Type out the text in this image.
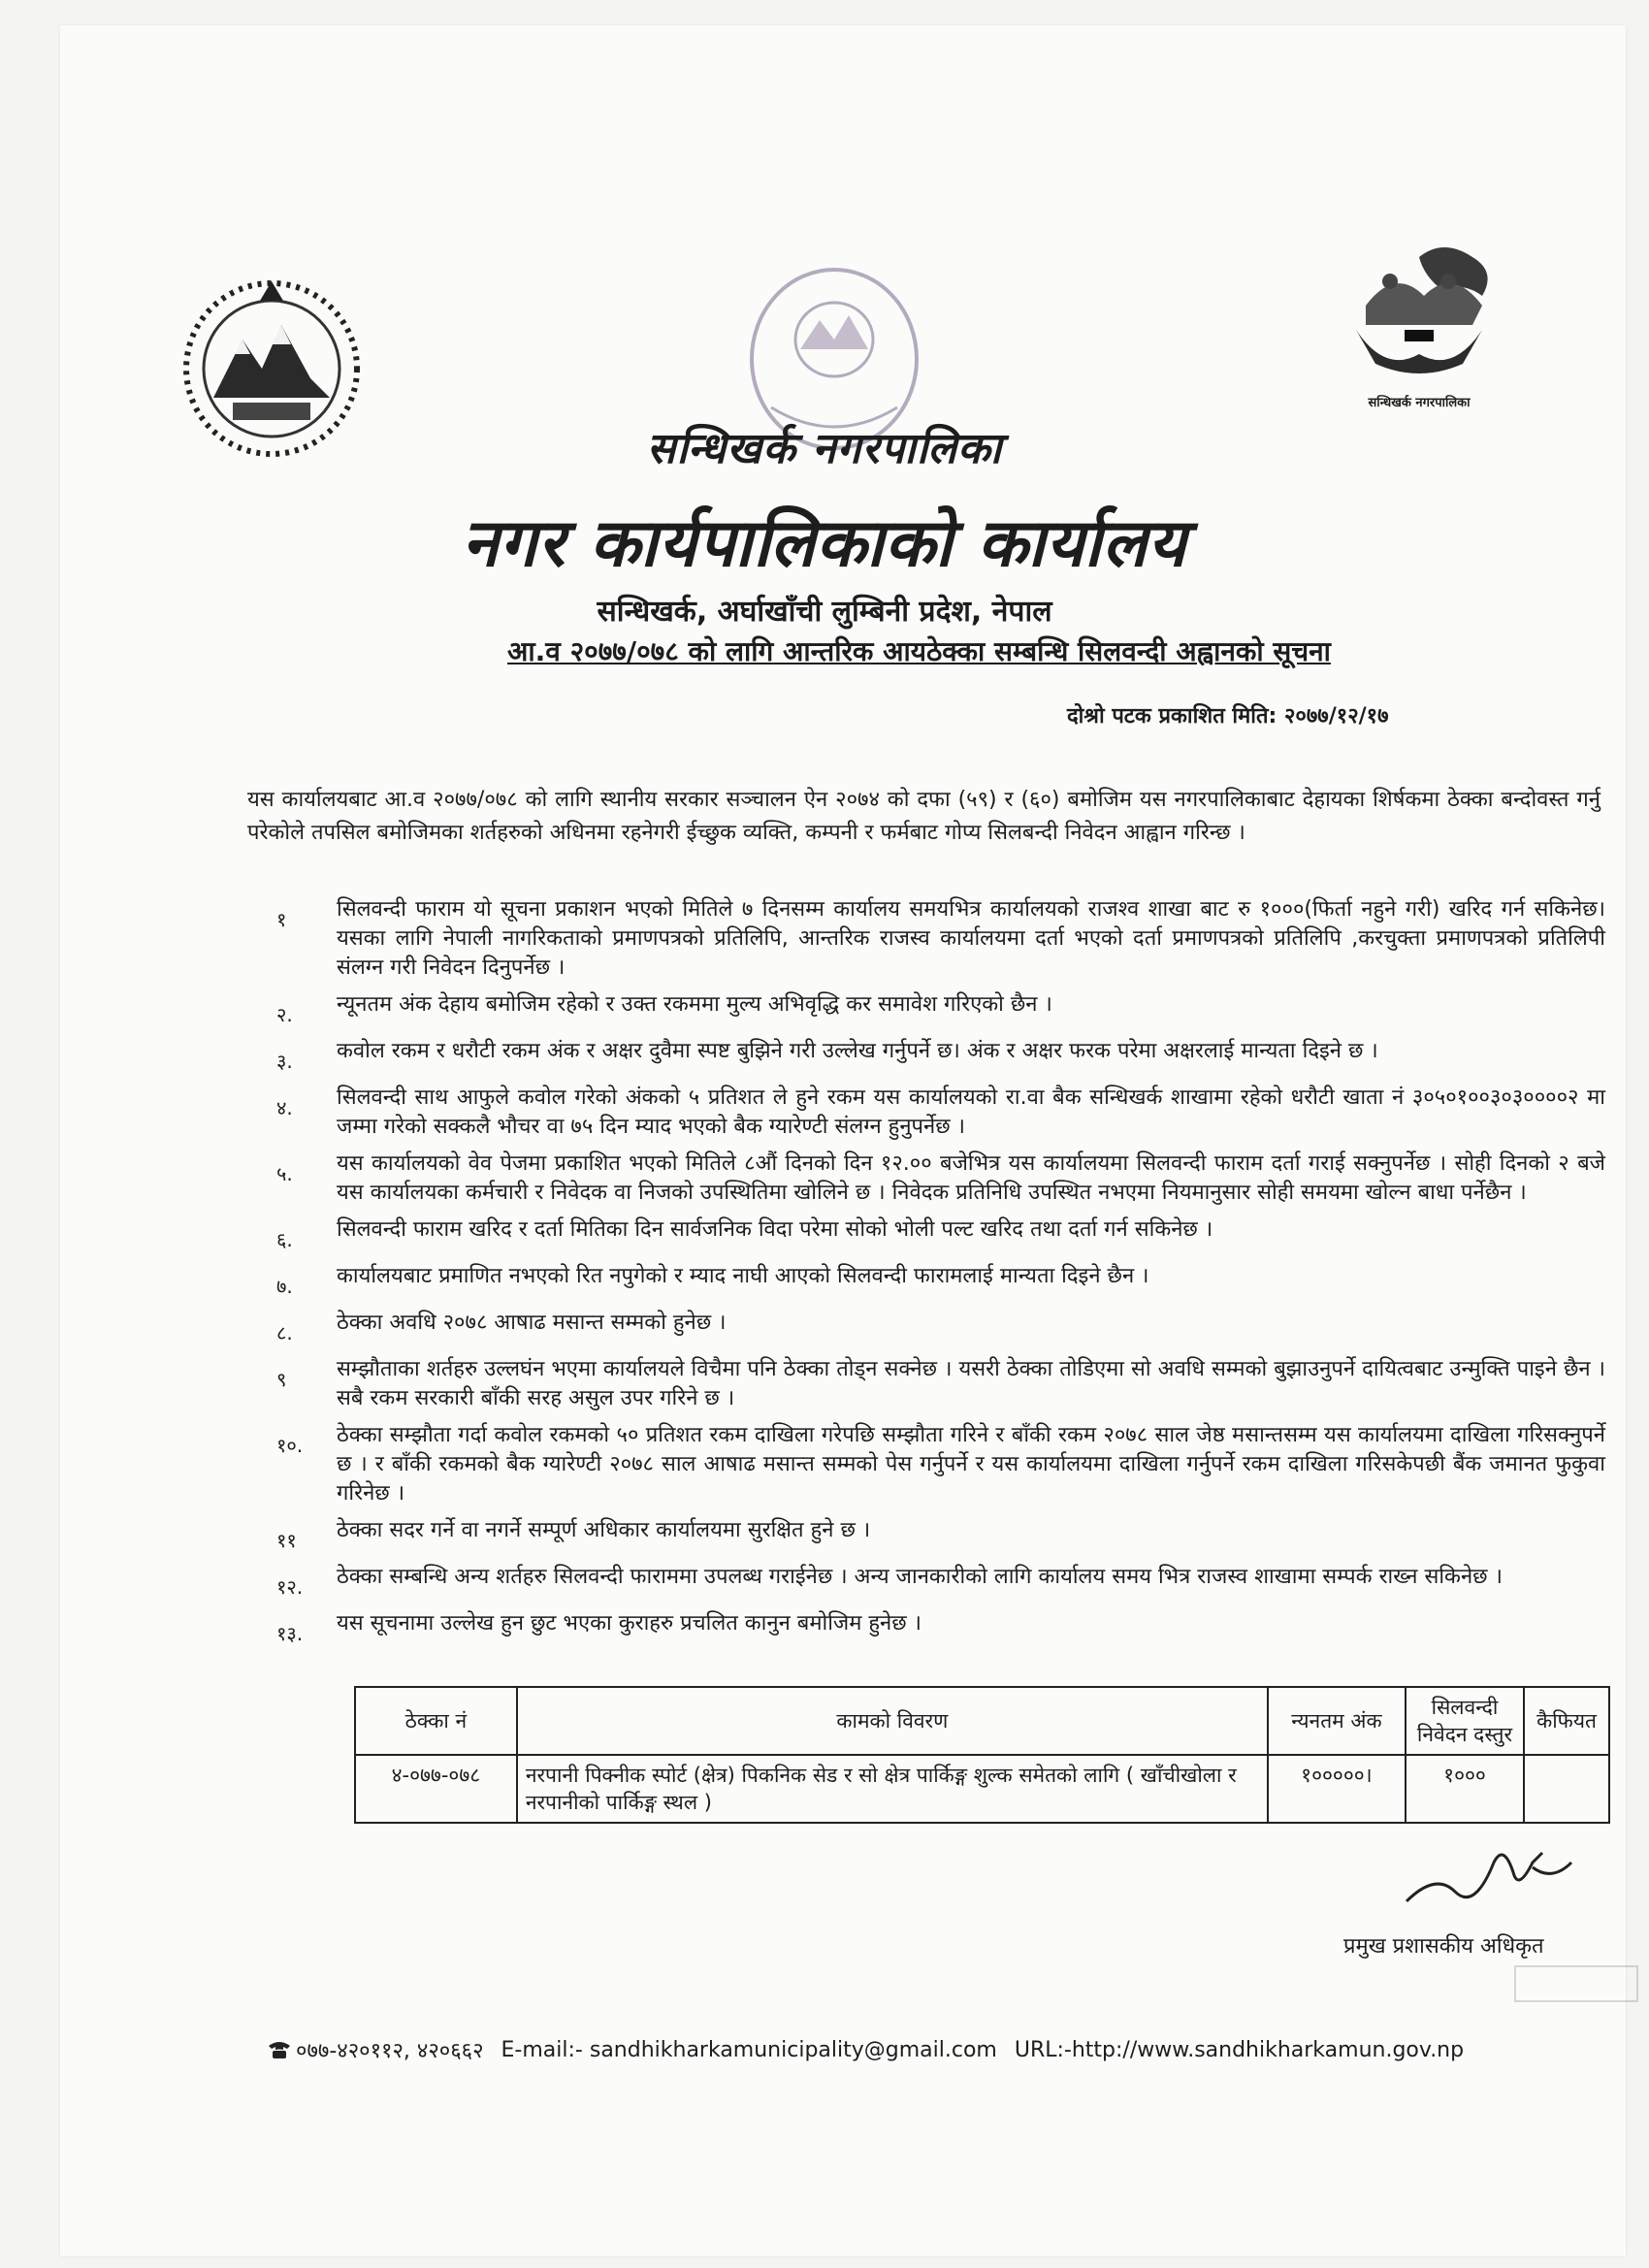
सन्धिखर्क नगरपालिका
सन्धिखर्क नगरपालिका
नगर कार्यपालिकाको कार्यालय
सन्धिखर्क, अर्घाखाँची लुम्बिनी प्रदेश, नेपाल
आ.व २०७७/०७८ को लागि आन्तरिक आयठेक्का सम्बन्धि सिलवन्दी अह्वानको सूचना
दोश्रो पटक प्रकाशित मिति: २०७७/१२/१७
यस कार्यालयबाट आ.व २०७७/०७८ को लागि स्थानीय सरकार सञ्चालन ऐन २०७४ को दफा (५९) र (६०) बमोजिम यस नगरपालिकाबाट देहायका शिर्षकमा ठेक्का बन्दोवस्त गर्नु परेकोले तपसिल बमोजिमका शर्तहरुको अधिनमा रहनेगरी ईच्छुक व्यक्ति, कम्पनी र फर्मबाट गोप्य सिलबन्दी निवेदन आह्वान गरिन्छ ।
१	सिलवन्दी फाराम यो सूचना प्रकाशन भएको मितिले ७ दिनसम्म कार्यालय समयभित्र कार्यालयको राजश्व शाखा बाट रु १०००(फिर्ता नहुने गरी) खरिद गर्न सकिनेछ। यसका लागि नेपाली नागरिकताको प्रमाणपत्रको प्रतिलिपि, आन्तरिक राजस्व कार्यालयमा दर्ता भएको दर्ता प्रमाणपत्रको प्रतिलिपि ,करचुक्ता प्रमाणपत्रको प्रतिलिपी संलग्न गरी निवेदन दिनुपर्नेछ ।
२.	न्यूनतम अंक देहाय बमोजिम रहेको र उक्त रकममा मुल्य अभिवृद्धि कर समावेश गरिएको छैन ।
३.	कवोल रकम र धरौटी रकम अंक र अक्षर दुवैमा स्पष्ट बुझिने गरी उल्लेख गर्नुपर्ने छ। अंक र अक्षर फरक परेमा अक्षरलाई मान्यता दिइने छ ।
४.	सिलवन्दी साथ आफुले कवोल गरेको अंकको ५ प्रतिशत ले हुने रकम यस कार्यालयको रा.वा बैक सन्धिखर्क शाखामा रहेको धरौटी खाता नं ३०५०१००३०३००००२ मा जम्मा गरेको सक्कलै भौचर वा ७५ दिन म्याद भएको बैक ग्यारेण्टी संलग्न हुनुपर्नेछ ।
५.	यस कार्यालयको वेव पेजमा प्रकाशित भएको मितिले ८औं दिनको दिन १२.०० बजेभित्र यस कार्यालयमा सिलवन्दी फाराम दर्ता गराई सक्नुपर्नेछ । सोही दिनको २ बजे यस कार्यालयका कर्मचारी र निवेदक वा निजको उपस्थितिमा खोलिने छ । निवेदक प्रतिनिधि उपस्थित नभएमा नियमानुसार सोही समयमा खोल्न बाधा पर्नेछैन ।
६.	सिलवन्दी फाराम खरिद र दर्ता मितिका दिन सार्वजनिक विदा परेमा सोको भोली पल्ट खरिद तथा दर्ता गर्न सकिनेछ ।
७.	कार्यालयबाट प्रमाणित नभएको रित नपुगेको र म्याद नाघी आएको सिलवन्दी फारामलाई मान्यता दिइने छैन ।
८.	ठेक्का अवधि २०७८ आषाढ मसान्त सम्मको हुनेछ ।
९	सम्झौताका शर्तहरु उल्लघंन भएमा कार्यालयले विचैमा पनि ठेक्का तोड्न सक्नेछ । यसरी ठेक्का तोडिएमा सो अवधि सम्मको बुझाउनुपर्ने दायित्वबाट उन्मुक्ति पाइने छैन । सबै रकम सरकारी बाँकी सरह असुल उपर गरिने छ ।
१०.	ठेक्का सम्झौता गर्दा कवोल रकमको ५० प्रतिशत रकम दाखिला गरेपछि सम्झौता गरिने र बाँकी रकम २०७८ साल जेष्ठ मसान्तसम्म यस कार्यालयमा दाखिला गरिसक्नुपर्ने छ । र बाँकी रकमको बैक ग्यारेण्टी २०७८ साल आषाढ मसान्त सम्मको पेस गर्नुपर्ने र यस कार्यालयमा दाखिला गर्नुपर्ने रकम दाखिला गरिसकेपछी बैंक जमानत फुकुवा गरिनेछ ।
११	ठेक्का सदर गर्ने वा नगर्ने सम्पूर्ण अधिकार कार्यालयमा सुरक्षित हुने छ ।
१२.	ठेक्का सम्बन्धि अन्य शर्तहरु सिलवन्दी फाराममा उपलब्ध गराईनेछ । अन्य जानकारीको लागि कार्यालय समय भित्र राजस्व शाखामा सम्पर्क राख्न सकिनेछ ।
१३.	यस सूचनामा उल्लेख हुन छुट भएका कुराहरु प्रचलित कानुन बमोजिम हुनेछ ।
ठेक्का नं	कामको विवरण	न्यनतम अंक	सिलवन्दी निवेदन दस्तुर	कैफियत
४-०७७-०७८	नरपानी पिक्नीक स्पोर्ट (क्षेत्र) पिकनिक सेड र सो क्षेत्र पार्किङ्ग शुल्क समेतको लागि ( खाँचीखोला र नरपानीको पार्किङ्ग स्थल )	१०००००।	१०००	
प्रमुख प्रशासकीय अधिकृत
०७७-४२०११२, ४२०६६२ E-mail:- sandhikharkamunicipality@gmail.com URL:-http://www.sandhikharkamun.gov.np
